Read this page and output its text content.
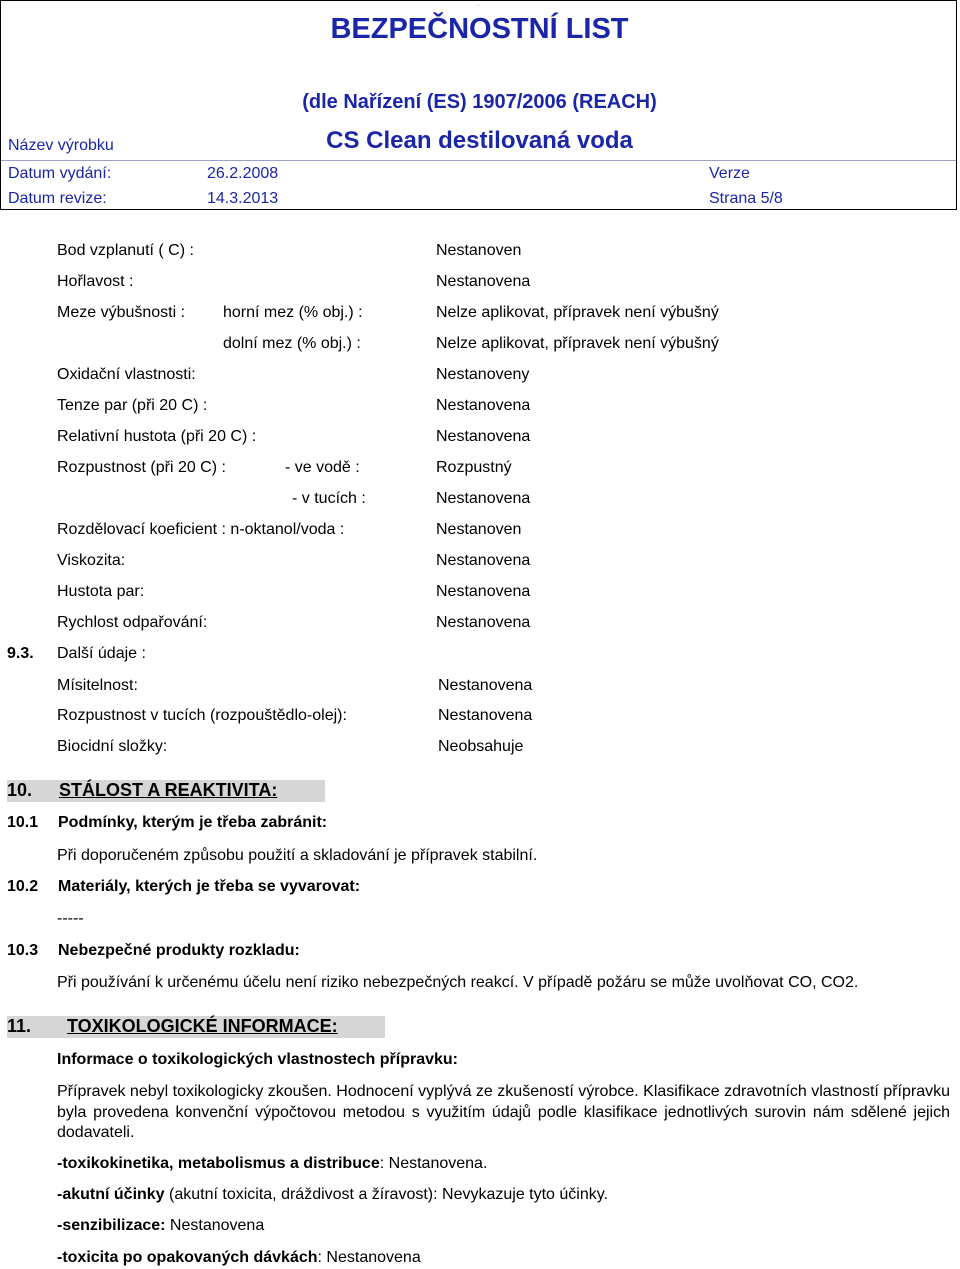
··
BEZPEČNOSTNÍ LIST
(dle Nařízení (ES) 1907/2006 (REACH)
Název výrobku	CS Clean destilovaná voda
Datum vydání:	26.2.2008	Verze
Datum revize:	14.3.2013	Strana 5/8
Bod vzplanutí ( C) :	Nestanoven
Hořlavost :	Nestanovena
Meze výbušnosti : horní mez (% obj.) :	Nelze aplikovat, přípravek není výbušný
dolní mez (% obj.) :	Nelze aplikovat, přípravek není výbušný
Oxidační vlastnosti:	Nestanoveny
Tenze par (při 20 C) :	Nestanovena
Relativní hustota (při 20 C) :	Nestanovena
Rozpustnost (při 20 C) :	- ve vodě :	Rozpustný
- v tucích :	Nestanovena
Rozdělovací koeficient : n-oktanol/voda :	Nestanoven
Viskozita:	Nestanovena
Hustota par:	Nestanovena
Rychlost odpařování:	Nestanovena
9.3. Další údaje :
Mísitelnost:	Nestanovena
Rozpustnost v tucích (rozpouštědlo-olej):	Nestanovena
Biocidní složky:	Neobsahuje
10. STÁLOST A REAKTIVITA:
10.1 Podmínky, kterým je třeba zabránit:
Při doporučeném způsobu použití a skladování je přípravek stabilní.
10.2 Materiály, kterých je třeba se vyvarovat:
-----
10.3 Nebezpečné produkty rozkladu:
Při používání k určenému účelu není riziko nebezpečných reakcí. V případě požáru se může uvolňovat CO, CO2.
11. TOXIKOLOGICKÉ INFORMACE:
Informace o toxikologických vlastnostech přípravku:
Přípravek nebyl toxikologicky zkoušen. Hodnocení vyplývá ze zkušeností výrobce. Klasifikace zdravotních vlastností přípravku byla provedena konvenční výpočtovou metodou s využitím údajů podle klasifikace jednotlivých surovin nám sdělené jejich dodavateli.
-toxikokinetika, metabolismus a distribuce: Nestanovena.
-akutní účinky (akutní toxicita, dráždivost a žíravost): Nevykazuje tyto účinky.
-senzibilizace: Nestanovena
-toxicita po opakovaných dávkách: Nestanovena
